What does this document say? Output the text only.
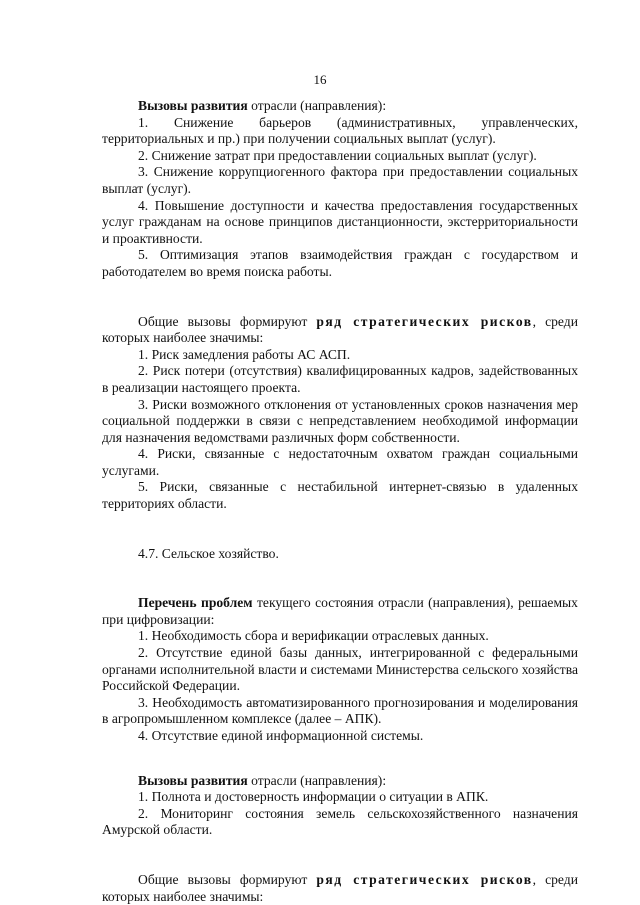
16

Вызовы развития отрасли (направления):

1. Снижение барьеров (административных, управленческих, территориальных и пр.) при получении социальных выплат (услуг).

2. Снижение затрат при предоставлении социальных выплат (услуг).

3. Снижение коррупциогенного фактора при предоставлении социальных выплат (услуг).

4. Повышение доступности и качества предоставления государственных услуг гражданам на основе принципов дистанционности, экстерриториальности и проактивности.

5. Оптимизация этапов взаимодействия граждан с государством и работодателем во время поиска работы.

Общие вызовы формируют ряд стратегических рисков, среди которых наиболее значимы:

1. Риск замедления работы АС АСП.

2. Риск потери (отсутствия) квалифицированных кадров, задействованных в реализации настоящего проекта.

3. Риски возможного отклонения от установленных сроков назначения мер социальной поддержки в связи с непредставлением необходимой информации для назначения ведомствами различных форм собственности.

4. Риски, связанные с недостаточным охватом граждан социальными услугами.

5. Риски, связанные с нестабильной интернет-связью в удаленных территориях области.

4.7. Сельское хозяйство.

Перечень проблем текущего состояния отрасли (направления), решаемых при цифровизации:

1. Необходимость сбора и верификации отраслевых данных.

2. Отсутствие единой базы данных, интегрированной с федеральными органами исполнительной власти и системами Министерства сельского хозяйства Российской Федерации.

3. Необходимость автоматизированного прогнозирования и моделирования в агропромышленном комплексе (далее – АПК).

4. Отсутствие единой информационной системы.

Вызовы развития отрасли (направления):

1. Полнота и достоверность информации о ситуации в АПК.

2. Мониторинг состояния земель сельскохозяйственного назначения Амурской области.

Общие вызовы формируют ряд стратегических рисков, среди которых наиболее значимы:
